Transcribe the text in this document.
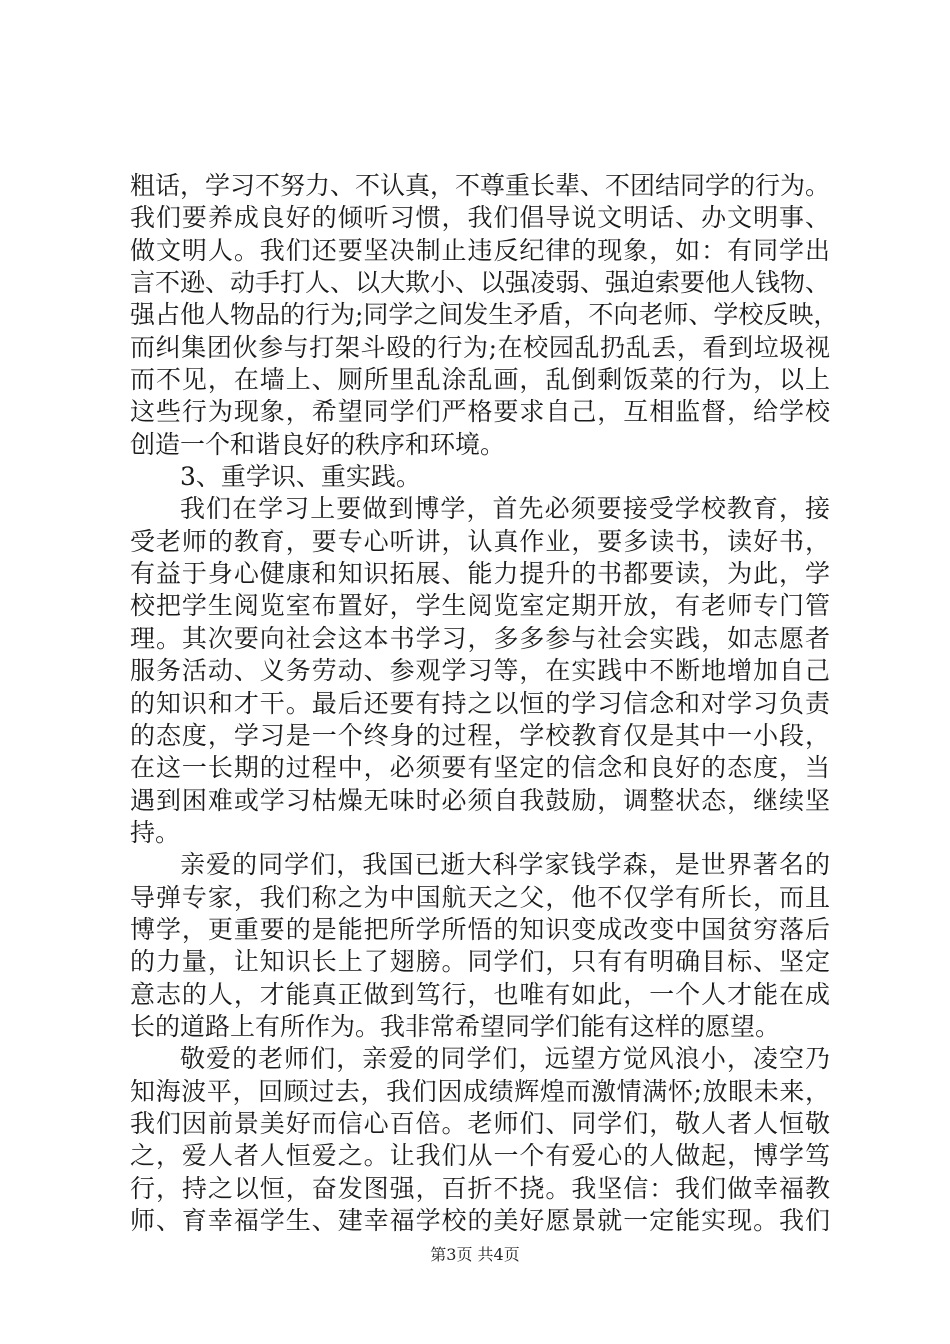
粗话，学习不努力、不认真，不尊重长辈、不团结同学的行为。
我们要养成良好的倾听习惯，我们倡导说文明话、办文明事、
做文明人。我们还要坚决制止违反纪律的现象，如：有同学出
言不逊、动手打人、以大欺小、以强凌弱、强迫索要他人钱物、
强占他人物品的行为;同学之间发生矛盾，不向老师、学校反映，
而纠集团伙参与打架斗殴的行为;在校园乱扔乱丢，看到垃圾视
而不见，在墙上、厕所里乱涂乱画，乱倒剩饭菜的行为，以上
这些行为现象，希望同学们严格要求自己，互相监督，给学校
创造一个和谐良好的秩序和环境。
3、重学识、重实践。
我们在学习上要做到博学，首先必须要接受学校教育，接
受老师的教育，要专心听讲，认真作业，要多读书，读好书，
有益于身心健康和知识拓展、能力提升的书都要读，为此，学
校把学生阅览室布置好，学生阅览室定期开放，有老师专门管
理。其次要向社会这本书学习，多多参与社会实践，如志愿者
服务活动、义务劳动、参观学习等，在实践中不断地增加自己
的知识和才干。最后还要有持之以恒的学习信念和对学习负责
的态度，学习是一个终身的过程，学校教育仅是其中一小段，
在这一长期的过程中，必须要有坚定的信念和良好的态度，当
遇到困难或学习枯燥无味时必须自我鼓励，调整状态，继续坚
持。
亲爱的同学们，我国已逝大科学家钱学森，是世界著名的
导弹专家，我们称之为中国航天之父，他不仅学有所长，而且
博学，更重要的是能把所学所悟的知识变成改变中国贫穷落后
的力量，让知识长上了翅膀。同学们，只有有明确目标、坚定
意志的人，才能真正做到笃行，也唯有如此，一个人才能在成
长的道路上有所作为。我非常希望同学们能有这样的愿望。
敬爱的老师们，亲爱的同学们，远望方觉风浪小，凌空乃
知海波平，回顾过去，我们因成绩辉煌而激情满怀;放眼未来，
我们因前景美好而信心百倍。老师们、同学们，敬人者人恒敬
之，爱人者人恒爱之。让我们从一个有爱心的人做起，博学笃
行，持之以恒，奋发图强，百折不挠。我坚信：我们做幸福教
师、育幸福学生、建幸福学校的美好愿景就一定能实现。我们
第3页 共4页
